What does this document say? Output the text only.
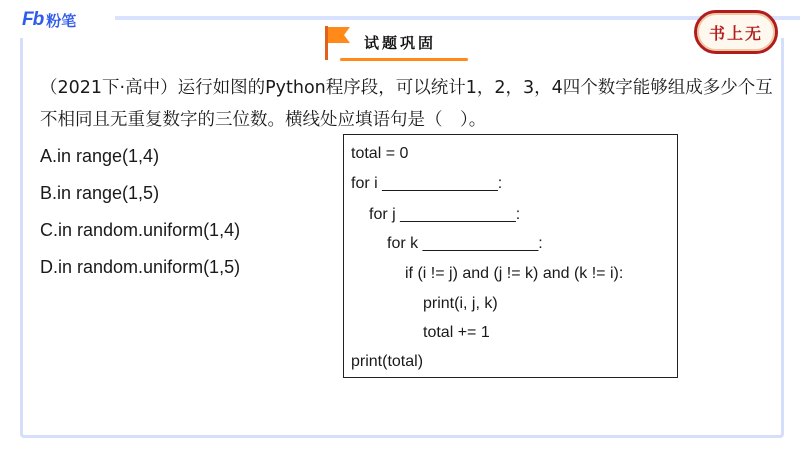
Fb 粉笔
书上无
试题巩固
（2021下·高中）运行如图的Python程序段，可以统计1，2，3，4四个数字能够组成多少个互不相同且无重复数字的三位数。横线处应填语句是（　）。
A.in range(1,4)
B.in range(1,5)
C.in random.uniform(1,4)
D.in random.uniform(1,5)
total = 0
for i _____________:
for j _____________:
for k _____________:
if (i != j) and (j != k) and (k != i):
print(i, j, k)
total += 1
print(total)
